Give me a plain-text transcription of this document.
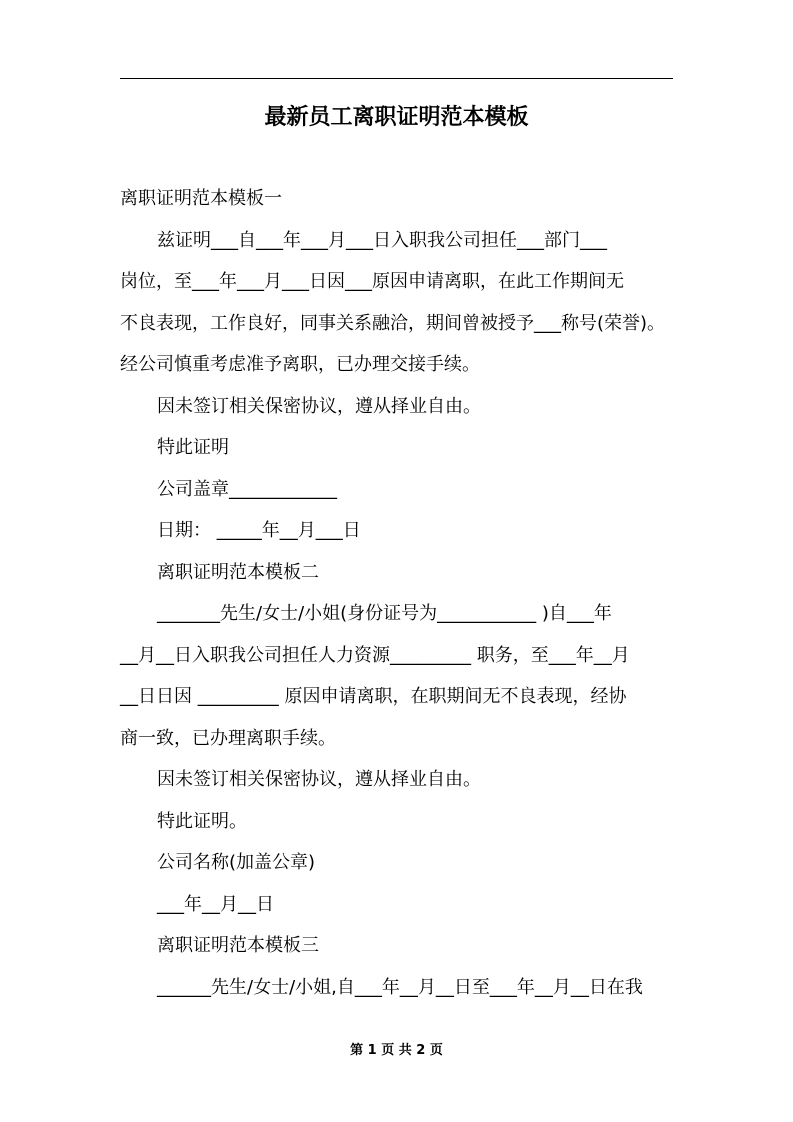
最新员工离职证明范本模板
离职证明范本模板一
兹证明___自___年___月___日入职我公司担任___部门___
岗位，至___年___月___日因___原因申请离职，在此工作期间无
不良表现，工作良好，同事关系融洽，期间曾被授予___称号(荣誉)。
经公司慎重考虑准予离职，已办理交接手续。
因未签订相关保密协议，遵从择业自由。
特此证明
公司盖章____________
日期： _____年__月___日
离职证明范本模板二
_______先生/女士/小姐(身份证号为___________ )自___年
__月__日入职我公司担任人力资源_________ 职务，至___年__月
__日日因 _________ 原因申请离职，在职期间无不良表现，经协
商一致，已办理离职手续。
因未签订相关保密协议，遵从择业自由。
特此证明。
公司名称(加盖公章)
___年__月__日
离职证明范本模板三
______先生/女士/小姐,自___年__月__日至___年__月__日在我
第 1 页 共 2 页
